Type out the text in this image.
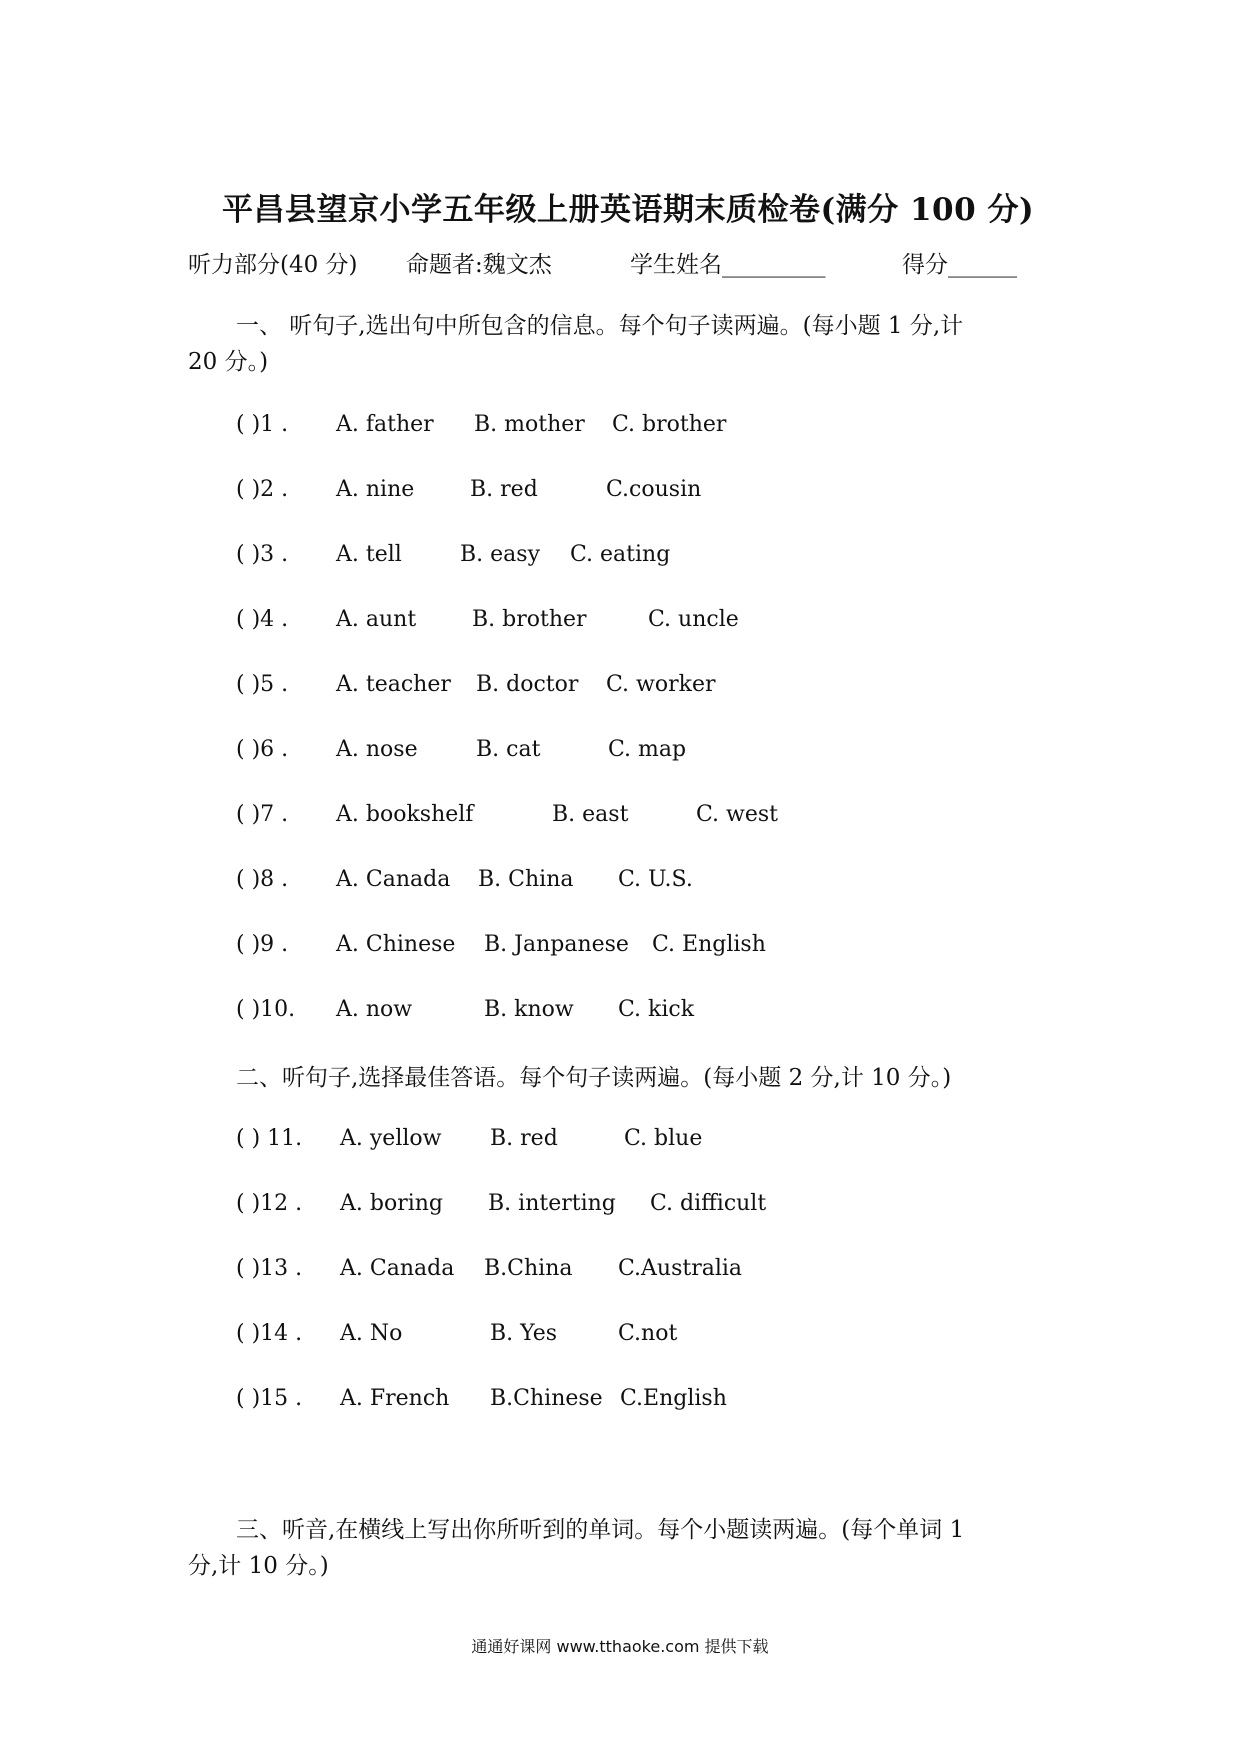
平昌县望京小学五年级上册英语期末质检卷(满分 100 分)
听力部分(40 分) 命题者:魏文杰	学生姓名_________	得分______
一、 听句子,选出句中所包含的信息。每个句子读两遍。(每小题 1 分,计
20 分。)
( )1 . A. father B. mother C. brother
( )2 . A. nine	B. red	C.cousin
( )3 . A. tell	B. easy C. eating
( )4 . A. aunt	B. brother	C. uncle
( )5 . A. teacher B. doctor C. worker
( )6 . A. nose	B. cat	C. map
( )7 . A. bookshelf	B. east	C. west
( )8 . A. Canada B. China C. U.S.
( )9 . A. Chinese B. Janpanese C. English
( )10. A. now	B. know C. kick
二、听句子,选择最佳答语。每个句子读两遍。(每小题 2 分,计 10 分。)
( ) 11. A. yellow B. red	C. blue
( )12 . A. boring B. interting C. difficult
( )13 . A. Canada B.China C.Australia
( )14 . A. No	B. Yes	C.not
( )15 . A. French B.Chinese C.English
三、听音,在横线上写出你所听到的单词。每个小题读两遍。(每个单词 1
分,计 10 分。)
通通好课网 www.tthaoke.com 提供下载
